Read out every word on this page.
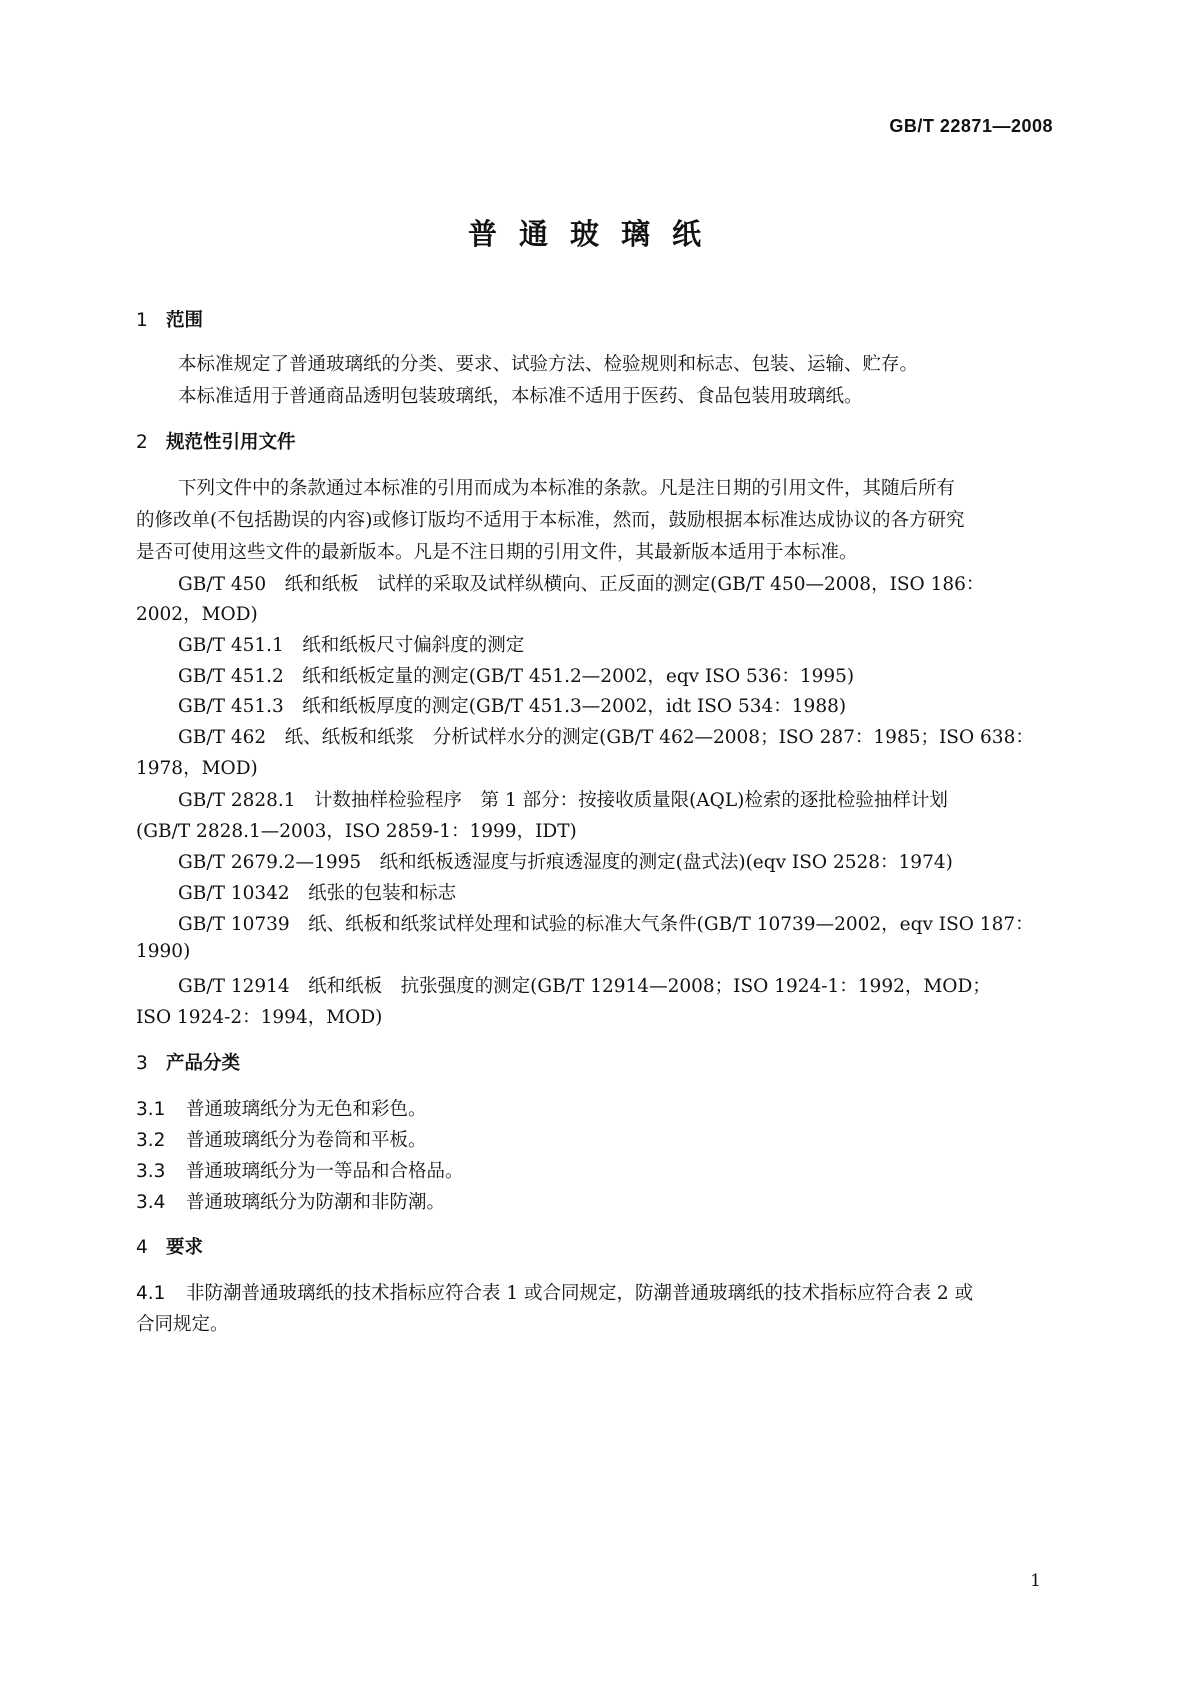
GB/T 22871—2008
普通玻璃纸
1 范围
本标准规定了普通玻璃纸的分类、要求、试验方法、检验规则和标志、包装、运输、贮存。
本标准适用于普通商品透明包装玻璃纸，本标准不适用于医药、食品包装用玻璃纸。
2 规范性引用文件
下列文件中的条款通过本标准的引用而成为本标准的条款。凡是注日期的引用文件，其随后所有
的修改单(不包括勘误的内容)或修订版均不适用于本标准，然而，鼓励根据本标准达成协议的各方研究
是否可使用这些文件的最新版本。凡是不注日期的引用文件，其最新版本适用于本标准。
GB/T 450　纸和纸板　试样的采取及试样纵横向、正反面的测定(GB/T 450—2008，ISO 186：
2002，MOD)
GB/T 451.1　纸和纸板尺寸偏斜度的测定
GB/T 451.2　纸和纸板定量的测定(GB/T 451.2—2002，eqv ISO 536：1995)
GB/T 451.3　纸和纸板厚度的测定(GB/T 451.3—2002，idt ISO 534：1988)
GB/T 462　纸、纸板和纸浆　分析试样水分的测定(GB/T 462—2008；ISO 287：1985；ISO 638：
1978，MOD)
GB/T 2828.1　计数抽样检验程序　第 1 部分：按接收质量限(AQL)检索的逐批检验抽样计划
(GB/T 2828.1—2003，ISO 2859-1：1999，IDT)
GB/T 2679.2—1995　纸和纸板透湿度与折痕透湿度的测定(盘式法)(eqv ISO 2528：1974)
GB/T 10342　纸张的包装和标志
GB/T 10739　纸、纸板和纸浆试样处理和试验的标准大气条件(GB/T 10739—2002，eqv ISO 187：
1990)
GB/T 12914　纸和纸板　抗张强度的测定(GB/T 12914—2008；ISO 1924-1：1992，MOD；
ISO 1924-2：1994，MOD)
3 产品分类
3.1 普通玻璃纸分为无色和彩色。
3.2 普通玻璃纸分为卷筒和平板。
3.3 普通玻璃纸分为一等品和合格品。
3.4 普通玻璃纸分为防潮和非防潮。
4 要求
4.1 非防潮普通玻璃纸的技术指标应符合表 1 或合同规定，防潮普通玻璃纸的技术指标应符合表 2 或
合同规定。
1
